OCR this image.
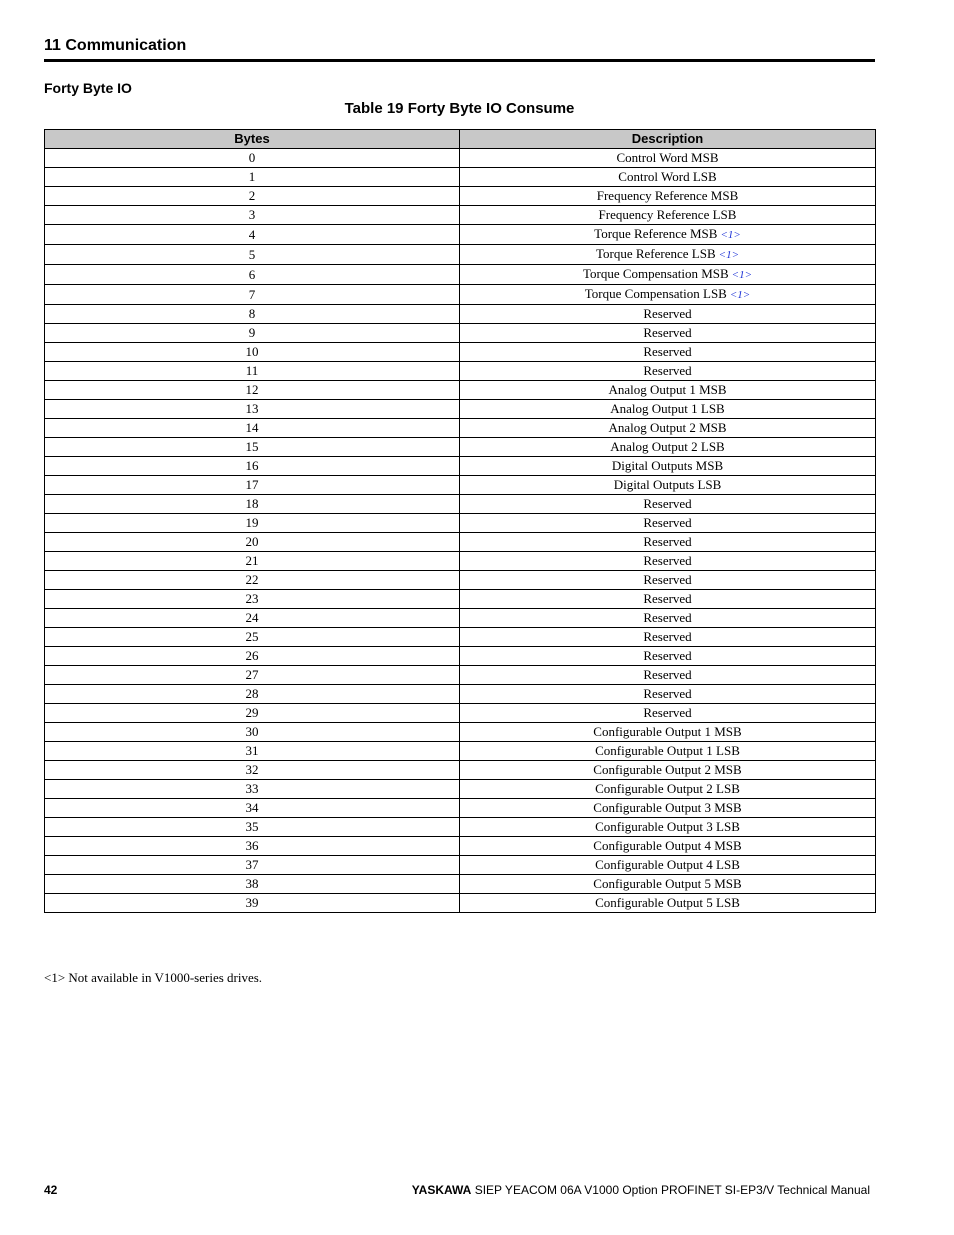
11 Communication
Forty Byte IO
Table 19 Forty Byte IO Consume
Bytes	Description
0	Control Word MSB
1	Control Word LSB
2	Frequency Reference MSB
3	Frequency Reference LSB
4	Torque Reference MSB <1>
5	Torque Reference LSB <1>
6	Torque Compensation MSB <1>
7	Torque Compensation LSB <1>
8	Reserved
9	Reserved
10	Reserved
11	Reserved
12	Analog Output 1 MSB
13	Analog Output 1 LSB
14	Analog Output 2 MSB
15	Analog Output 2 LSB
16	Digital Outputs MSB
17	Digital Outputs LSB
18	Reserved
19	Reserved
20	Reserved
21	Reserved
22	Reserved
23	Reserved
24	Reserved
25	Reserved
26	Reserved
27	Reserved
28	Reserved
29	Reserved
30	Configurable Output 1 MSB
31	Configurable Output 1 LSB
32	Configurable Output 2 MSB
33	Configurable Output 2 LSB
34	Configurable Output 3 MSB
35	Configurable Output 3 LSB
36	Configurable Output 4 MSB
37	Configurable Output 4 LSB
38	Configurable Output 5 MSB
39	Configurable Output 5 LSB
<1> Not available in V1000-series drives.
42	YASKAWA SIEP YEACOM 06A V1000 Option PROFINET SI-EP3/V Technical Manual
